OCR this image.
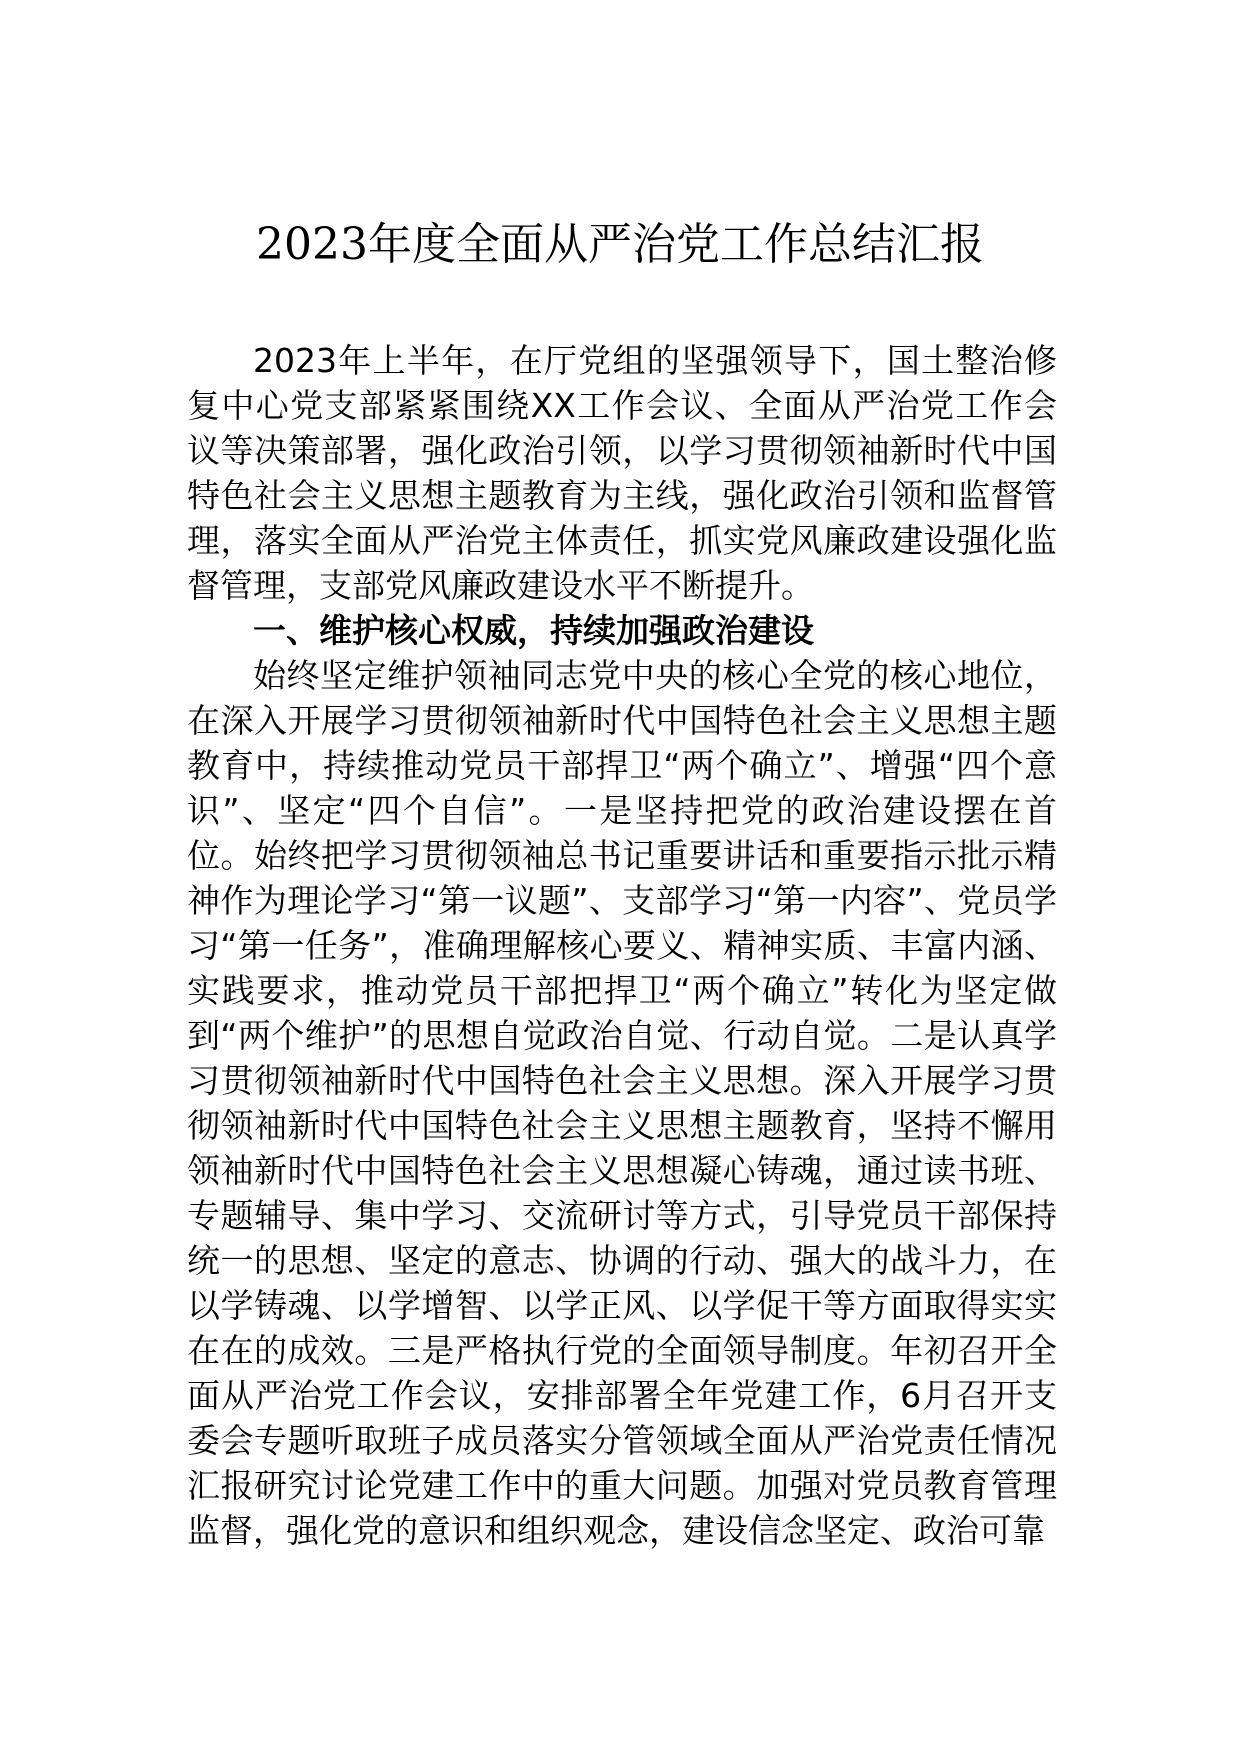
2023年度全面从严治党工作总结汇报

2023年上半年，在厅党组的坚强领导下，国土整治修复中心党支部紧紧围绕XX工作会议、全面从严治党工作会议等决策部署，强化政治引领，以学习贯彻领袖新时代中国特色社会主义思想主题教育为主线，强化政治引领和监督管理，落实全面从严治党主体责任，抓实党风廉政建设强化监督管理，支部党风廉政建设水平不断提升。

一、维护核心权威，持续加强政治建设

始终坚定维护领袖同志党中央的核心全党的核心地位，在深入开展学习贯彻领袖新时代中国特色社会主义思想主题教育中，持续推动党员干部捍卫“两个确立”、增强“四个意识”、坚定“四个自信”。一是坚持把党的政治建设摆在首位。始终把学习贯彻领袖总书记重要讲话和重要指示批示精神作为理论学习“第一议题”、支部学习“第一内容”、党员学习“第一任务”，准确理解核心要义、精神实质、丰富内涵、实践要求，推动党员干部把捍卫“两个确立”转化为坚定做到“两个维护”的思想自觉政治自觉、行动自觉。二是认真学习贯彻领袖新时代中国特色社会主义思想。深入开展学习贯彻领袖新时代中国特色社会主义思想主题教育，坚持不懈用领袖新时代中国特色社会主义思想凝心铸魂，通过读书班、专题辅导、集中学习、交流研讨等方式，引导党员干部保持统一的思想、坚定的意志、协调的行动、强大的战斗力，在以学铸魂、以学增智、以学正风、以学促干等方面取得实实在在的成效。三是严格执行党的全面领导制度。年初召开全面从严治党工作会议，安排部署全年党建工作，6月召开支委会专题听取班子成员落实分管领域全面从严治党责任情况汇报研究讨论党建工作中的重大问题。加强对党员教育管理监督，强化党的意识和组织观念，建设信念坚定、政治可靠
